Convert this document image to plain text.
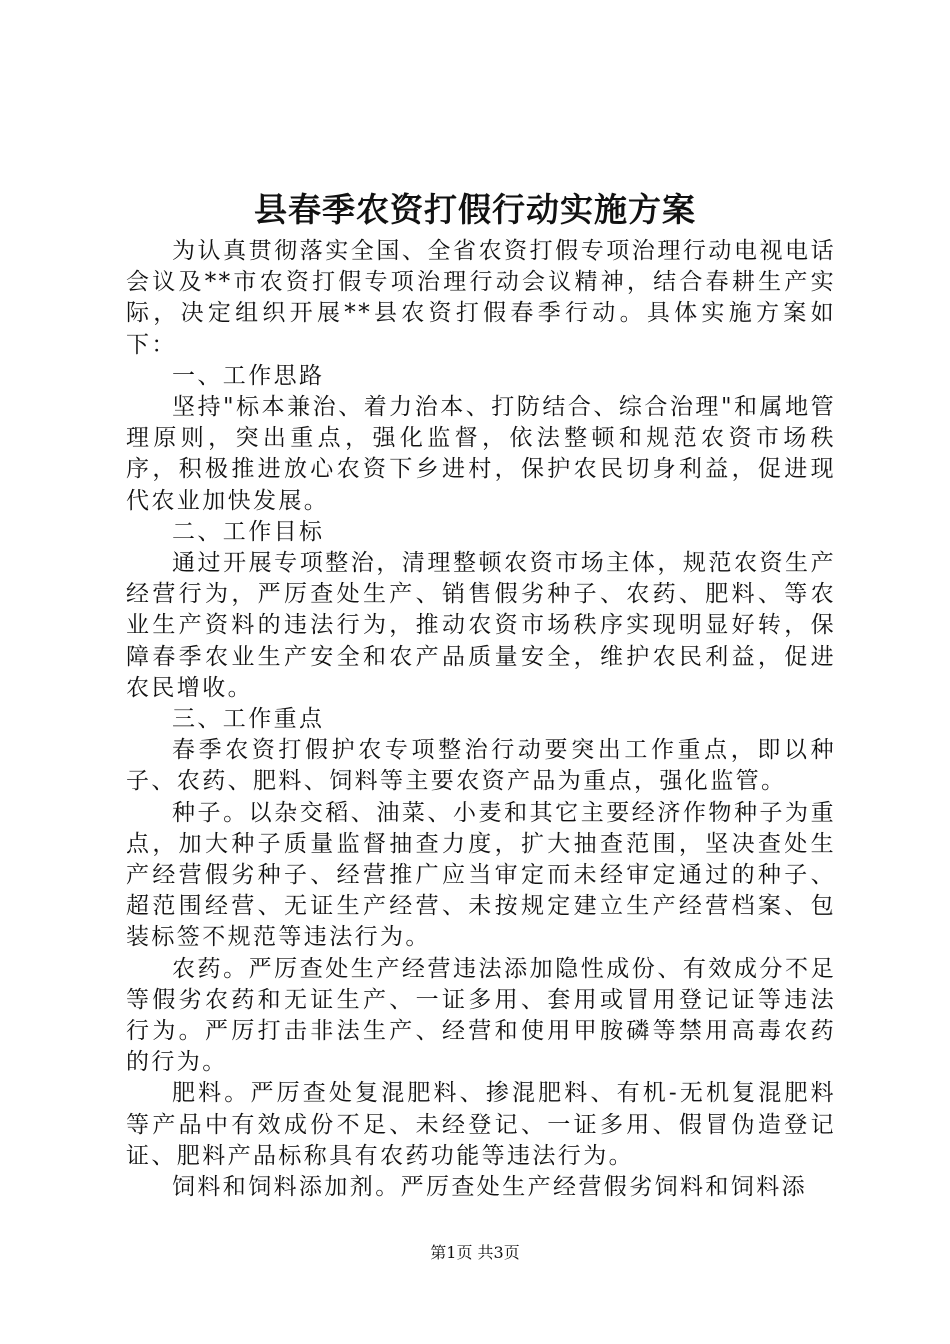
县春季农资打假行动实施方案

为认真贯彻落实全国、全省农资打假专项治理行动电视电话会议及**市农资打假专项治理行动会议精神，结合春耕生产实际，决定组织开展**县农资打假春季行动。具体实施方案如下：

一、工作思路

坚持"标本兼治、着力治本、打防结合、综合治理"和属地管理原则，突出重点，强化监督，依法整顿和规范农资市场秩序，积极推进放心农资下乡进村，保护农民切身利益，促进现代农业加快发展。

二、工作目标

通过开展专项整治，清理整顿农资市场主体，规范农资生产经营行为，严厉查处生产、销售假劣种子、农药、肥料、等农业生产资料的违法行为，推动农资市场秩序实现明显好转，保障春季农业生产安全和农产品质量安全，维护农民利益，促进农民增收。

三、工作重点

春季农资打假护农专项整治行动要突出工作重点，即以种子、农药、肥料、饲料等主要农资产品为重点，强化监管。

种子。以杂交稻、油菜、小麦和其它主要经济作物种子为重点，加大种子质量监督抽查力度，扩大抽查范围，坚决查处生产经营假劣种子、经营推广应当审定而未经审定通过的种子、超范围经营、无证生产经营、未按规定建立生产经营档案、包装标签不规范等违法行为。

农药。严厉查处生产经营违法添加隐性成份、有效成分不足等假劣农药和无证生产、一证多用、套用或冒用登记证等违法行为。严厉打击非法生产、经营和使用甲胺磷等禁用高毒农药的行为。

肥料。严厉查处复混肥料、掺混肥料、有机-无机复混肥料等产品中有效成份不足、未经登记、一证多用、假冒伪造登记证、肥料产品标称具有农药功能等违法行为。

饲料和饲料添加剂。严厉查处生产经营假劣饲料和饲料添

第1页 共3页
